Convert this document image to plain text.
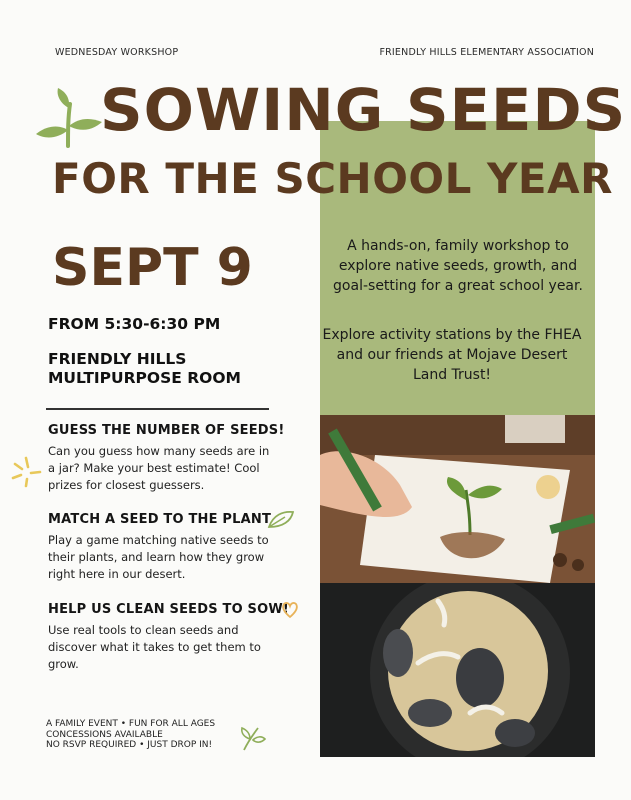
WEDNESDAY WORKSHOP	FRIENDLY HILLS ELEMENTARY ASSOCIATION
SOWING SEEDS
FOR THE SCHOOL YEAR
SEPT 9
FROM 5:30-6:30 PM
FRIENDLY HILLS
MULTIPURPOSE ROOM
A hands-on, family workshop to explore native seeds, growth, and goal-setting for a great school year.
Explore activity stations by the FHEA and our friends at Mojave Desert Land Trust!
GUESS THE NUMBER OF SEEDS!
Can you guess how many seeds are in a jar? Make your best estimate! Cool prizes for closest guessers.
MATCH A SEED TO THE PLANT
Play a game matching native seeds to their plants, and learn how they grow right here in our desert.
HELP US CLEAN SEEDS TO SOW!
Use real tools to clean seeds and discover what it takes to get them to grow.
A FAMILY EVENT • FUN FOR ALL AGES
CONCESSIONS AVAILABLE
NO RSVP REQUIRED • JUST DROP IN!
